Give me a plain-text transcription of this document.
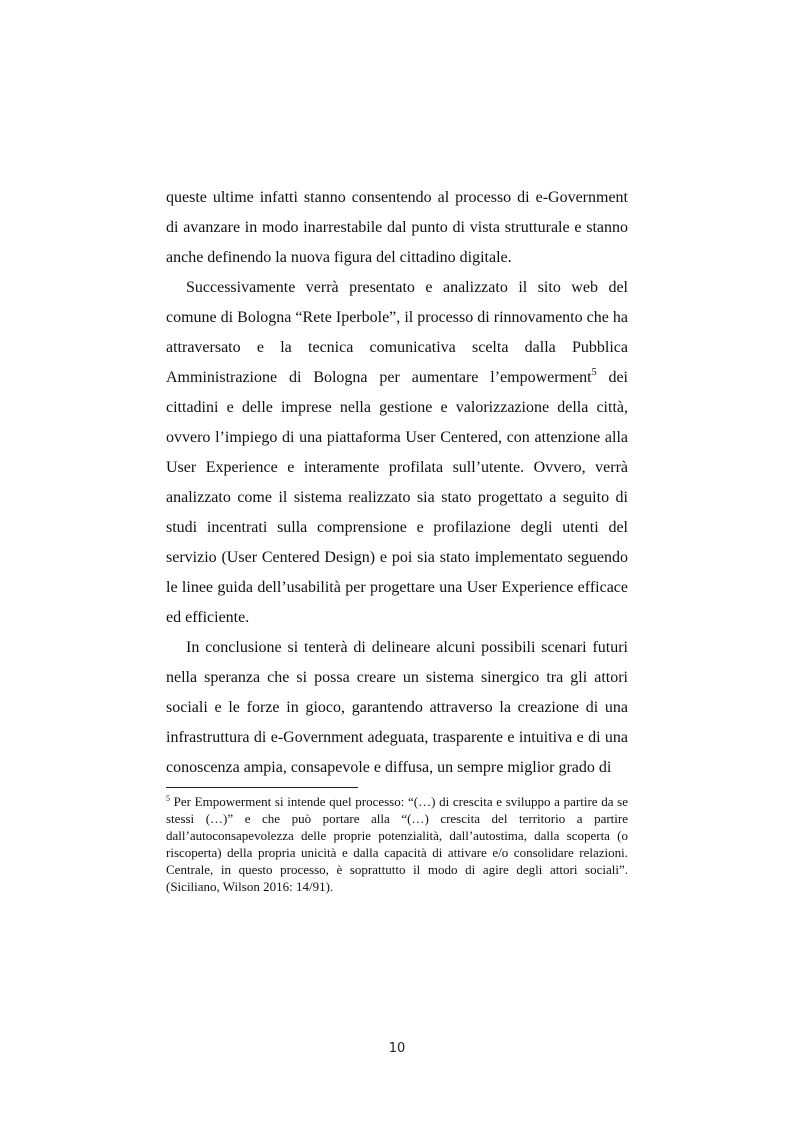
queste ultime infatti stanno consentendo al processo di e-Government di avanzare in modo inarrestabile dal punto di vista strutturale e stanno anche definendo la nuova figura del cittadino digitale.

Successivamente verrà presentato e analizzato il sito web del comune di Bologna “Rete Iperbole”, il processo di rinnovamento che ha attraversato e la tecnica comunicativa scelta dalla Pubblica Amministrazione di Bologna per aumentare l’empowerment$^5$ dei cittadini e delle imprese nella gestione e valorizzazione della città, ovvero l’impiego di una piattaforma User Centered, con attenzione alla User Experience e interamente profilata sull’utente. Ovvero, verrà analizzato come il sistema realizzato sia stato progettato a seguito di studi incentrati sulla comprensione e profilazione degli utenti del servizio (User Centered Design) e poi sia stato implementato seguendo le linee guida dell’usabilità per progettare una User Experience efficace ed efficiente.

In conclusione si tenterà di delineare alcuni possibili scenari futuri nella speranza che si possa creare un sistema sinergico tra gli attori sociali e le forze in gioco, garantendo attraverso la creazione di una infrastruttura di e-Government adeguata, trasparente e intuitiva e di una conoscenza ampia, consapevole e diffusa, un sempre miglior grado di

$^5$ Per Empowerment si intende quel processo: “(…) di crescita e sviluppo a partire da se stessi (…)” e che può portare alla “(…) crescita del territorio a partire dall’autoconsapevolezza delle proprie potenzialità, dall’autostima, dalla scoperta (o riscoperta) della propria unicità e dalla capacità di attivare e/o consolidare relazioni. Centrale, in questo processo, è soprattutto il modo di agire degli attori sociali”. (Siciliano, Wilson 2016: 14/91).

10
